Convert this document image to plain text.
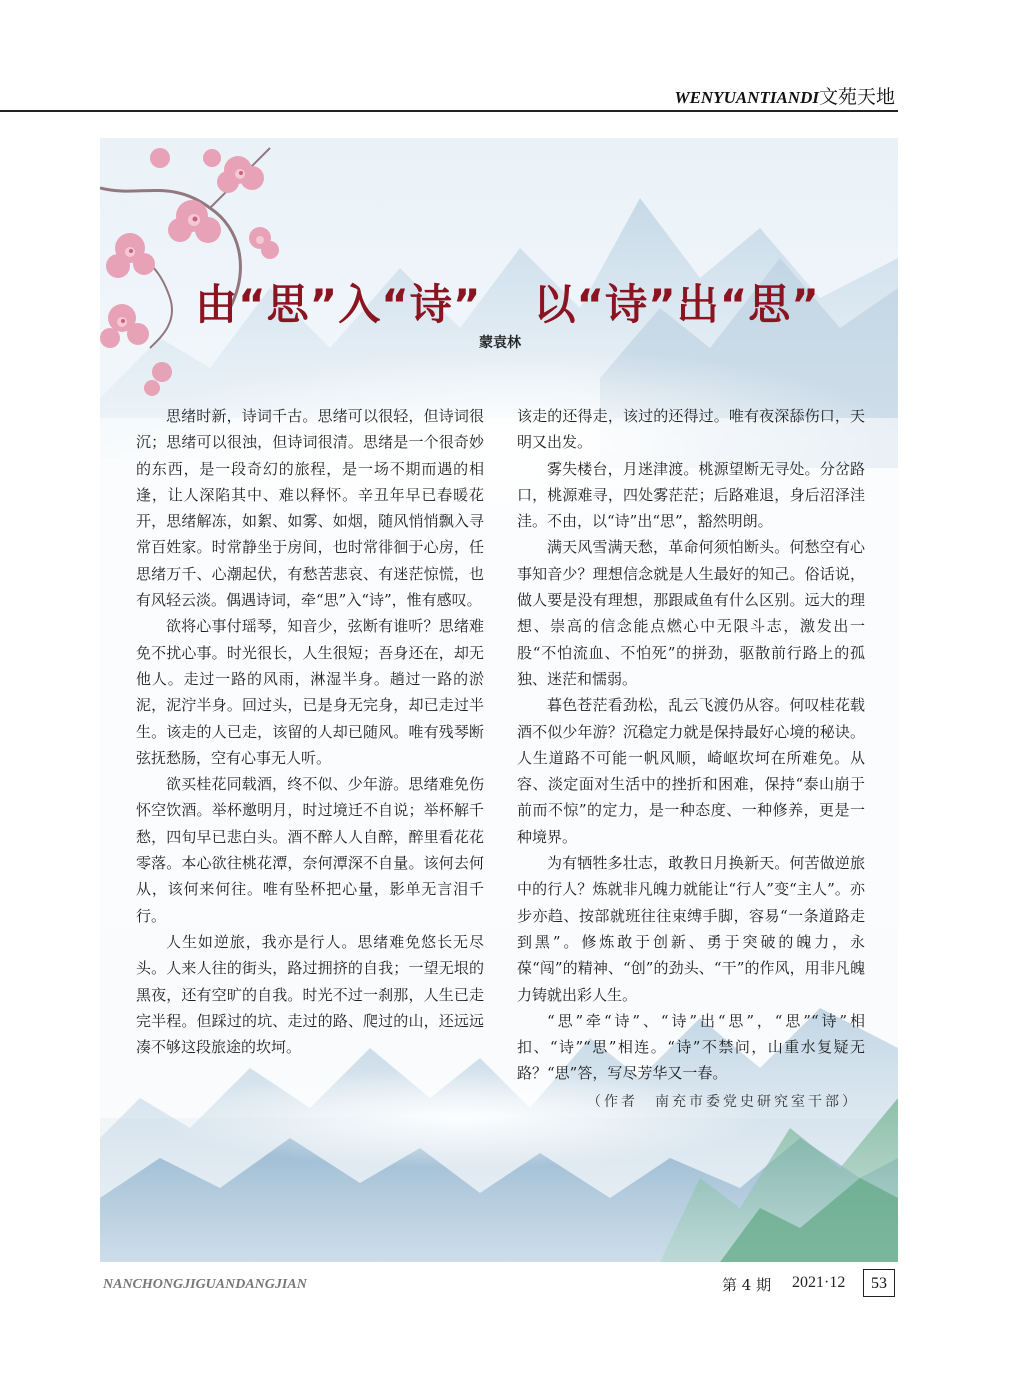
WENYUANTIANDI文苑天地
由“思”入“诗” 以“诗”出“思”
蒙袁林

思绪时新，诗词千古。思绪可以很轻，但诗词很沉；思绪可以很浊，但诗词很清。思绪是一个很奇妙的东西，是一段奇幻的旅程，是一场不期而遇的相逢，让人深陷其中、难以释怀。辛丑年早已春暖花开，思绪解冻，如絮、如雾、如烟，随风悄悄飘入寻常百姓家。时常静坐于房间，也时常徘徊于心房，任思绪万千、心潮起伏，有愁苦悲哀、有迷茫惊慌，也有风轻云淡。偶遇诗词，牵“思”入“诗”，惟有感叹。

欲将心事付瑶琴，知音少，弦断有谁听？思绪难免不扰心事。时光很长，人生很短；吾身还在，却无他人。走过一路的风雨，淋湿半身。趟过一路的淤泥，泥泞半身。回过头，已是身无完身，却已走过半生。该走的人已走，该留的人却已随风。唯有残琴断弦抚愁肠，空有心事无人听。

欲买桂花同载酒，终不似、少年游。思绪难免伤怀空饮酒。举杯邀明月，时过境迁不自说；举杯解千愁，四旬早已悲白头。酒不醉人人自醉，醉里看花花零落。本心欲往桃花潭，奈何潭深不自量。该何去何从，该何来何往。唯有坠杯把心量，影单无言泪千行。

人生如逆旅，我亦是行人。思绪难免悠长无尽头。人来人往的街头，路过拥挤的自我；一望无垠的黑夜，还有空旷的自我。时光不过一刹那，人生已走完半程。但踩过的坑、走过的路、爬过的山，还远远凑不够这段旅途的坎坷。

该走的还得走，该过的还得过。唯有夜深舔伤口，天明又出发。

雾失楼台，月迷津渡。桃源望断无寻处。分岔路口，桃源难寻，四处雾茫茫；后路难退，身后沼泽洼洼。不由，以“诗”出“思”，豁然明朗。

满天风雪满天愁，革命何须怕断头。何愁空有心事知音少？理想信念就是人生最好的知己。俗话说，做人要是没有理想，那跟咸鱼有什么区别。远大的理想、崇高的信念能点燃心中无限斗志，激发出一股“不怕流血、不怕死”的拼劲，驱散前行路上的孤独、迷茫和懦弱。

暮色苍茫看劲松，乱云飞渡仍从容。何叹桂花载酒不似少年游？沉稳定力就是保持最好心境的秘诀。人生道路不可能一帆风顺，崎岖坎坷在所难免。从容、淡定面对生活中的挫折和困难，保持“泰山崩于前而不惊”的定力，是一种态度、一种修养，更是一种境界。

为有牺牲多壮志，敢教日月换新天。何苦做逆旅中的行人？炼就非凡魄力就能让“行人”变“主人”。亦步亦趋、按部就班往往束缚手脚，容易“一条道路走到黑”。修炼敢于创新、勇于突破的魄力，永葆“闯”的精神、“创”的劲头、“干”的作风，用非凡魄力铸就出彩人生。

“思”牵“诗”、“诗”出“思”，“思”“诗”相扣、“诗”“思”相连。“诗”不禁问，山重水复疑无路？“思”答，写尽芳华又一春。

（作者　南充市委党史研究室干部）
NANCHONGJIGUANDANGJIAN	第 4 期 2021·12	53
